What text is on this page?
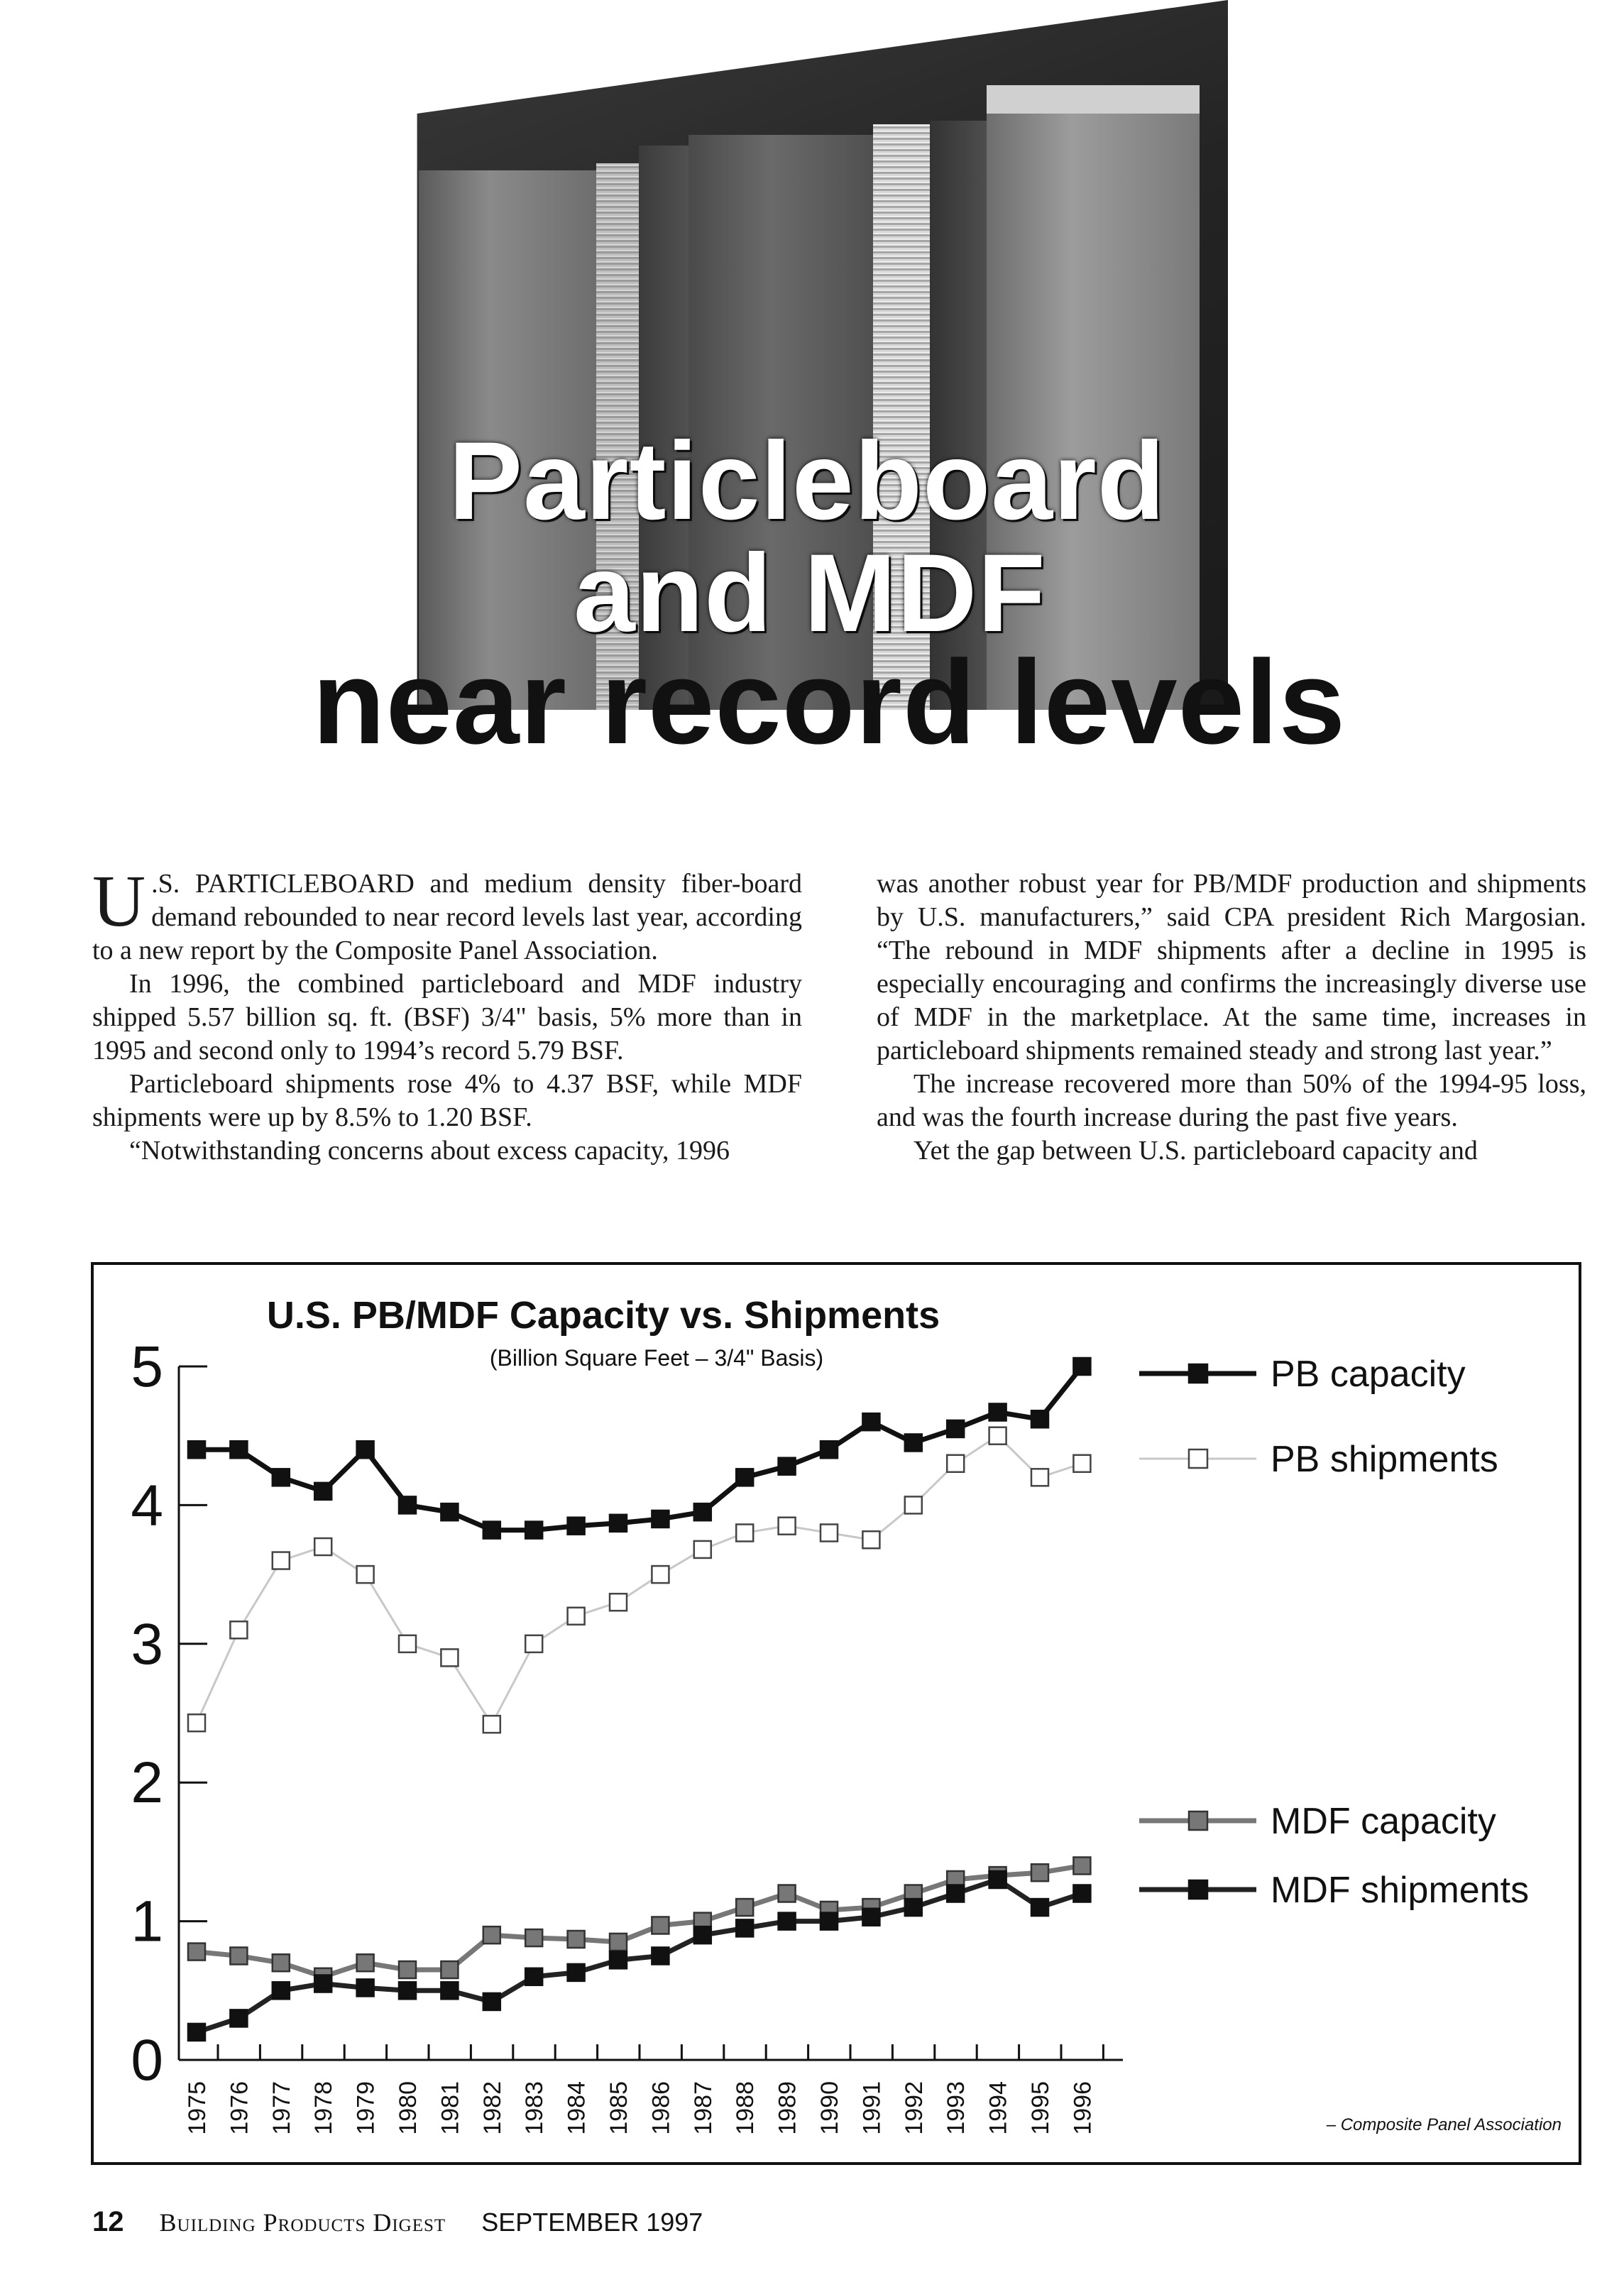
Particleboard
and MDF
near record levels

U .S. PARTICLEBOARD and medium density fiber-board demand rebounded to near record levels last year, according to a new report by the Composite Panel Association.

In 1996, the combined particleboard and MDF industry shipped 5.57 billion sq. ft. (BSF) 3/4" basis, 5% more than in 1995 and second only to 1994’s record 5.79 BSF.

Particleboard shipments rose 4% to 4.37 BSF, while MDF shipments were up by 8.5% to 1.20 BSF.

“Notwithstanding concerns about excess capacity, 1996

was another robust year for PB/MDF production and shipments by U.S. manufacturers,” said CPA president Rich Margosian. “The rebound in MDF shipments after a decline in 1995 is especially encouraging and confirms the increasingly diverse use of MDF in the marketplace. At the same time, increases in particleboard shipments remained steady and strong last year.”

The increase recovered more than 50% of the 1994-95 loss, and was the fourth increase during the past five years.

Yet the gap between U.S. particleboard capacity and

0
1
2
3
4
5
1975 1976 1977 1978 1979 1980 1981 1982 1983 1984 1985 1986 1987 1988 1989 1990 1991 1992 1993 1994 1995 1996
PB capacity
PB shipments
MDF capacity
MDF shipments
U.S. PB/MDF Capacity vs. Shipments
(Billion Square Feet – 3/4" Basis)
– Composite Panel Association
12 Building Products Digest SEPTEMBER 1997
